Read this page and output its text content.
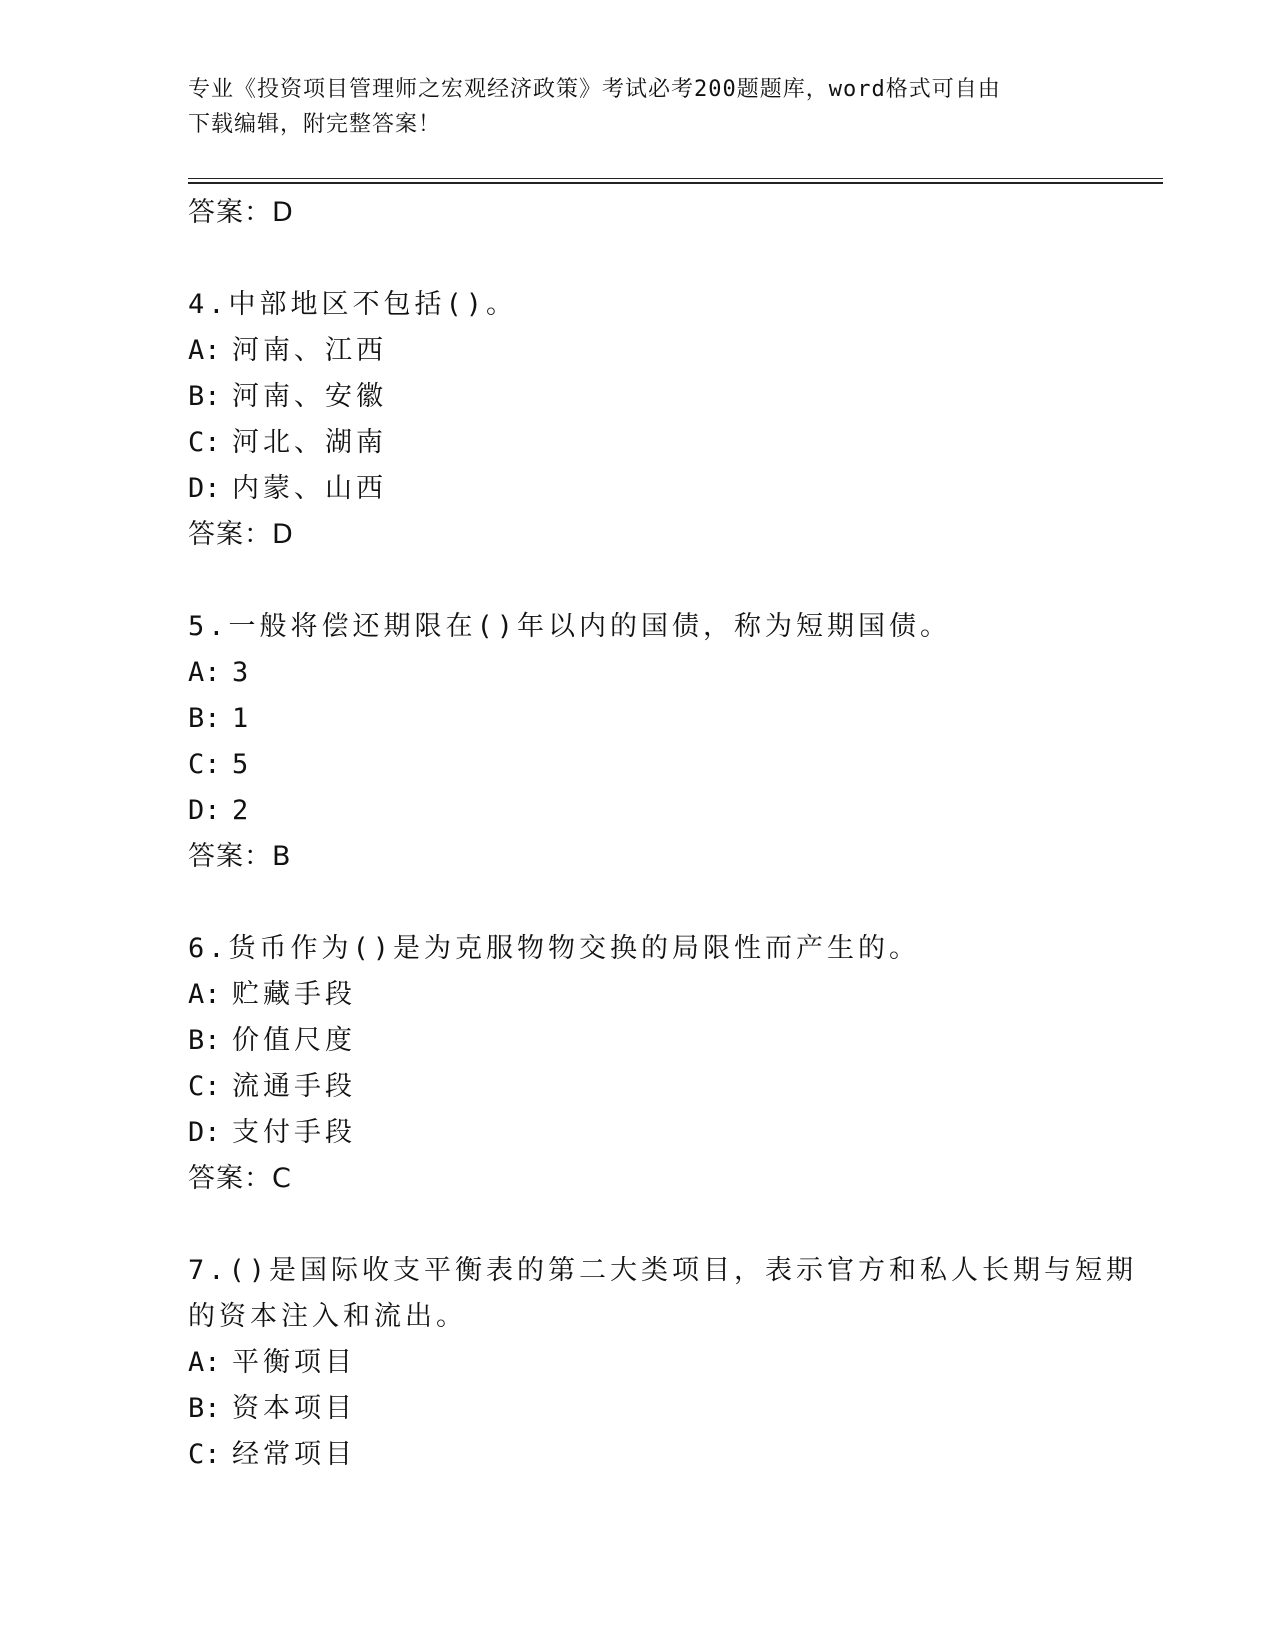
专业《投资项目管理师之宏观经济政策》考试必考200题题库，word格式可自由
下载编辑，附完整答案！
答案：D
4.中部地区不包括()。
A: 河南、江西
B: 河南、安徽
C: 河北、湖南
D: 内蒙、山西
答案：D
5.一般将偿还期限在()年以内的国债，称为短期国债。
A: 3
B: 1
C: 5
D: 2
答案：B
6.货币作为()是为克服物物交换的局限性而产生的。
A: 贮藏手段
B: 价值尺度
C: 流通手段
D: 支付手段
答案：C
7.()是国际收支平衡表的第二大类项目，表示官方和私人长期与短期
的资本注入和流出。
A: 平衡项目
B: 资本项目
C: 经常项目
